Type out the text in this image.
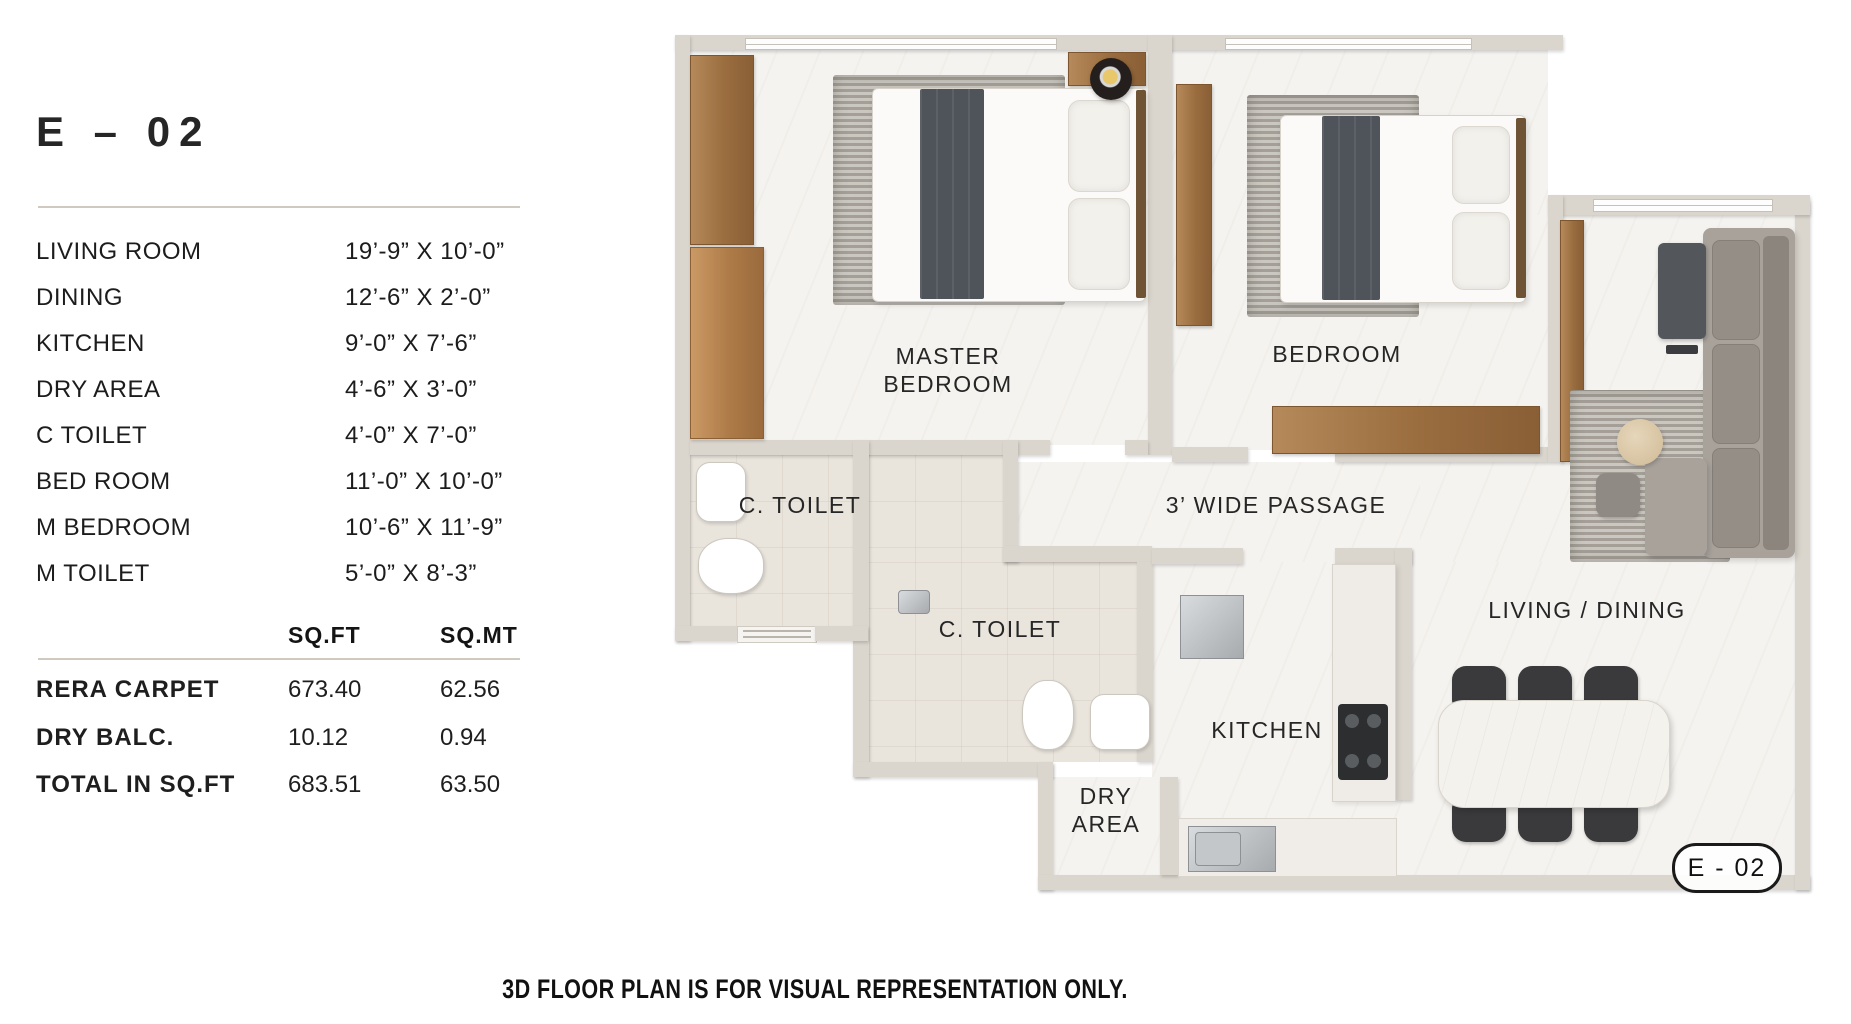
E – 02
LIVING ROOM	19’-9” X 10’-0”
DINING	12’-6” X 2’-0”
KITCHEN	9’-0” X 7’-6”
DRY AREA	4’-6” X 3’-0”
C TOILET	4’-0” X 7’-0”
BED ROOM	11’-0” X 10’-0”
M BEDROOM	10’-6” X 11’-9”
M TOILET	5’-0” X 8’-3”
SQ.FT	SQ.MT
RERA CARPET	673.40	62.56
DRY BALC.	10.12	0.94
TOTAL IN SQ.FT 683.51	63.50
MASTER
BEDROOM
BEDROOM
C. TOILET
C. TOILET
3’ WIDE PASSAGE
KITCHEN
DRY
AREA
LIVING / DINING
E - 02
3D FLOOR PLAN IS FOR VISUAL REPRESENTATION ONLY.
